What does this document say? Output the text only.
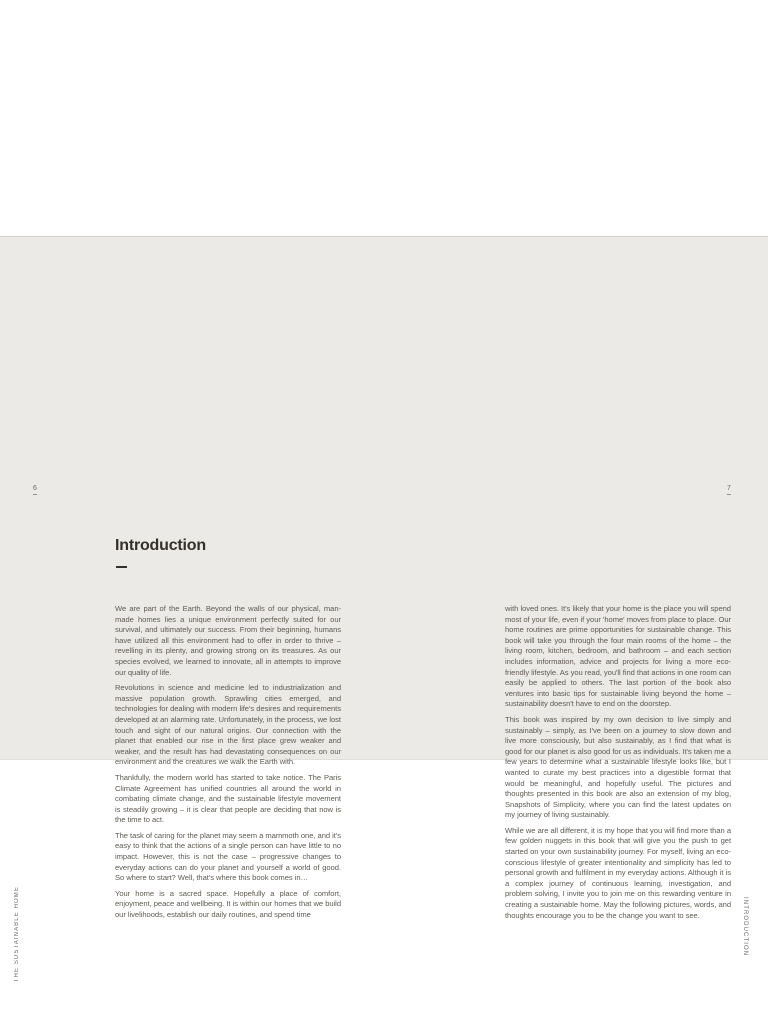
6
Introduction

We are part of the Earth. Beyond the walls of our physical, man-made homes lies a unique environment perfectly suited for our survival, and ultimately our success. From their beginning, humans have utilized all this environment had to offer in order to thrive – revelling in its plenty, and growing strong on its treasures. As our species evolved, we learned to innovate, all in attempts to improve our quality of life.

Revolutions in science and medicine led to industrialization and massive population growth. Sprawling cities emerged, and technologies for dealing with modern life's desires and requirements developed at an alarming rate. Unfortunately, in the process, we lost touch and sight of our natural origins. Our connection with the planet that enabled our rise in the first place grew weaker and weaker, and the result has had devastating consequences on our environment and the creatures we walk the Earth with.

Thankfully, the modern world has started to take notice. The Paris Climate Agreement has unified countries all around the world in combating climate change, and the sustainable lifestyle movement is steadily growing – it is clear that people are deciding that now is the time to act.

The task of caring for the planet may seem a mammoth one, and it's easy to think that the actions of a single person can have little to no impact. However, this is not the case – progressive changes to everyday actions can do your planet and yourself a world of good. So where to start? Well, that's where this book comes in…

Your home is a sacred space. Hopefully a place of comfort, enjoyment, peace and wellbeing. It is within our homes that we build our livelihoods, establish our daily routines, and spend time

THE SUSTAINABLE HOME
7

with loved ones. It's likely that your home is the place you will spend most of your life, even if your 'home' moves from place to place. Our home routines are prime opportunities for sustainable change. This book will take you through the four main rooms of the home – the living room, kitchen, bedroom, and bathroom – and each section includes information, advice and projects for living a more eco-friendly lifestyle. As you read, you'll find that actions in one room can easily be applied to others. The last portion of the book also ventures into basic tips for sustainable living beyond the home – sustainability doesn't have to end on the doorstep.

This book was inspired by my own decision to live simply and sustainably – simply, as I've been on a journey to slow down and live more consciously, but also sustainably, as I find that what is good for our planet is also good for us as individuals. It's taken me a few years to determine what a sustainable lifestyle looks like, but I wanted to curate my best practices into a digestible format that would be meaningful, and hopefully useful. The pictures and thoughts presented in this book are also an extension of my blog, Snapshots of Simplicity, where you can find the latest updates on my journey of living sustainably.

While we are all different, it is my hope that you will find more than a few golden nuggets in this book that will give you the push to get started on your own sustainability journey. For myself, living an eco-conscious lifestyle of greater intentionality and simplicity has led to personal growth and fulfilment in my everyday actions. Although it is a complex journey of continuous learning, investigation, and problem solving, I invite you to join me on this rewarding venture in creating a sustainable home. May the following pictures, words, and thoughts encourage you to be the change you want to see.	INTRODUCTION
